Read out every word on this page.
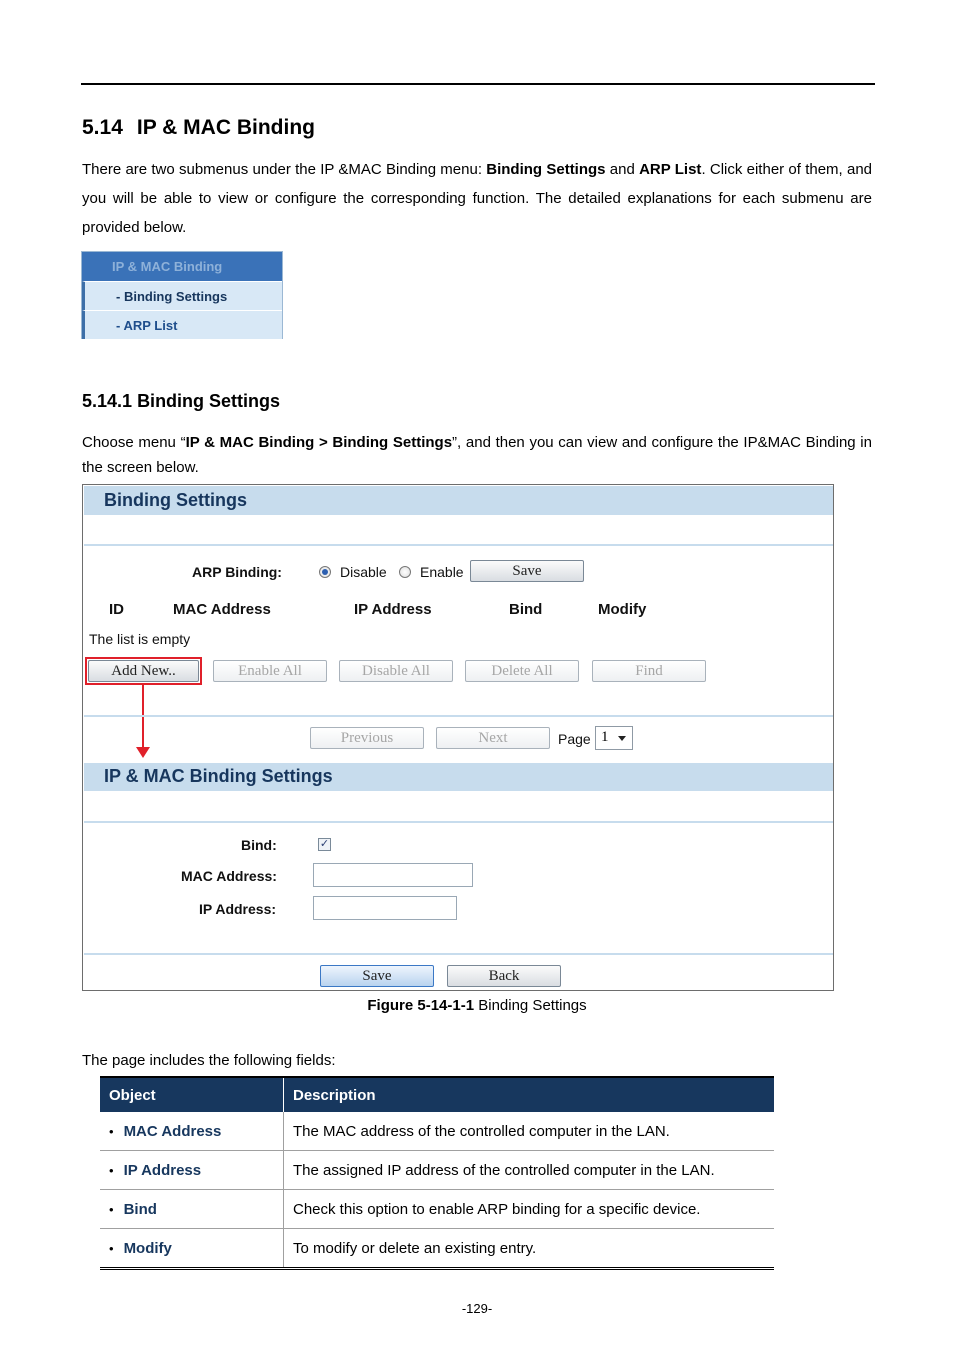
5.14 IP & MAC Binding

There are two submenus under the IP &MAC Binding menu: Binding Settings and ARP List. Click either of them, and you will be able to view or configure the corresponding function. The detailed explanations for each submenu are provided below.

IP & MAC Binding
- Binding Settings
- ARP List
5.14.1 Binding Settings

Choose menu “IP & MAC Binding > Binding Settings”, and then you can view and configure the IP&MAC Binding in the screen below.

Binding Settings
ARP Binding:	Disable Enable	Save
ID	MAC Address	IP Address	Bind	Modify
The list is empty
Add New..	Enable All	Disable All	Delete All	Find
Previous	Next	Page 1
IP & MAC Binding Settings
Bind:	✓
MAC Address:
IP Address:
Save	Back
Figure 5-14-1-1 Binding Settings

The page includes the following fields:

Object	Description
• MAC Address	The MAC address of the controlled computer in the LAN.
• IP Address	The assigned IP address of the controlled computer in the LAN.
• Bind	Check this option to enable ARP binding for a specific device.
• Modify	To modify or delete an existing entry.
-129-
